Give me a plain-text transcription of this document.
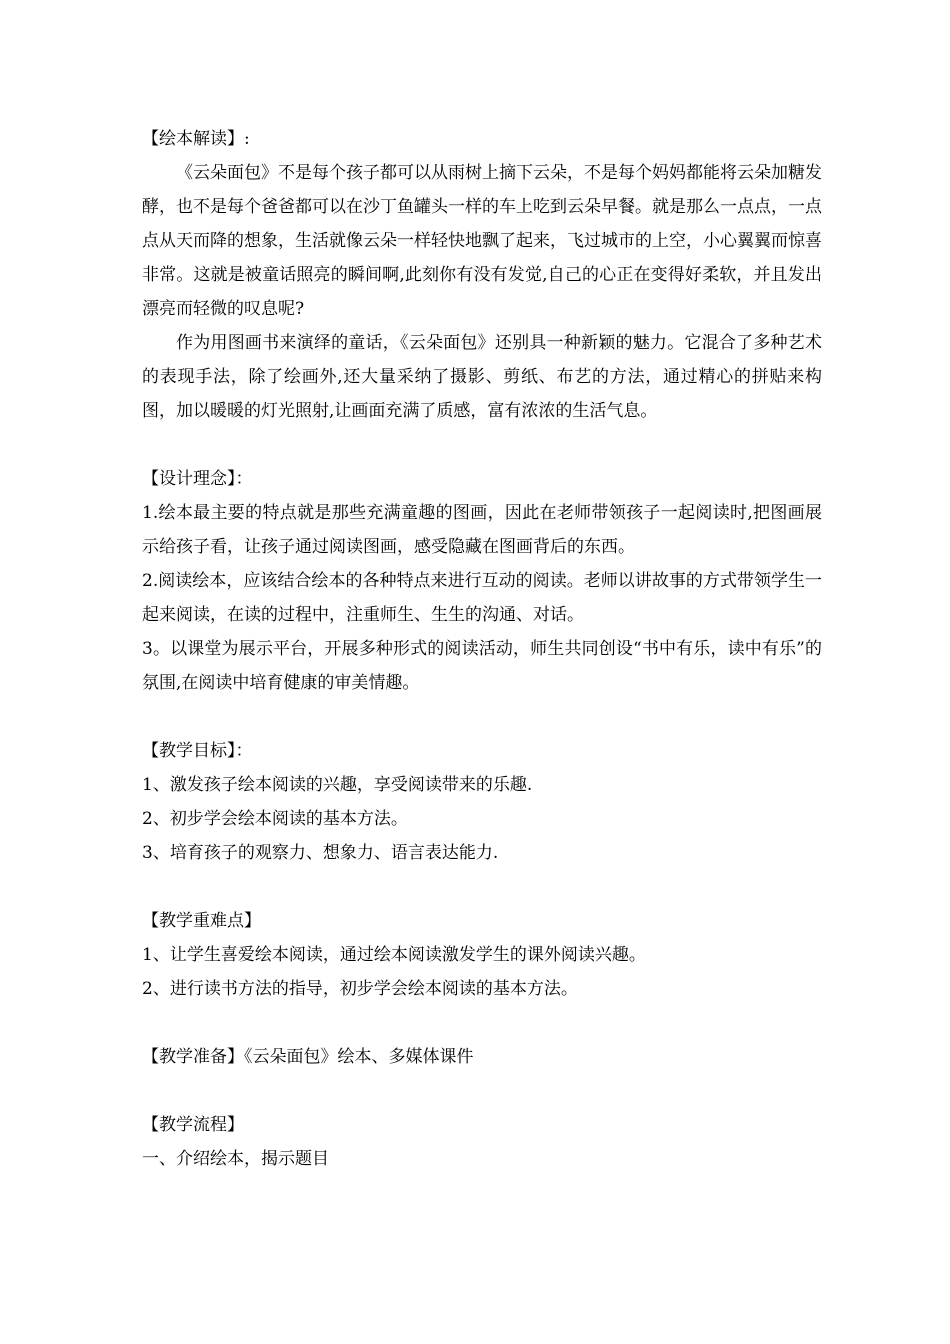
【绘本解读】:

《云朵面包》不是每个孩子都可以从雨树上摘下云朵，不是每个妈妈都能将云朵加糖发酵，也不是每个爸爸都可以在沙丁鱼罐头一样的车上吃到云朵早餐。就是那么一点点，一点点从天而降的想象，生活就像云朵一样轻快地飘了起来，飞过城市的上空，小心翼翼而惊喜非常。这就是被童话照亮的瞬间啊,此刻你有没有发觉,自己的心正在变得好柔软，并且发出漂亮而轻微的叹息呢?

作为用图画书来演绎的童话，《云朵面包》还别具一种新颖的魅力。它混合了多种艺术的表现手法，除了绘画外,还大量采纳了摄影、剪纸、布艺的方法，通过精心的拼贴来构图，加以暖暖的灯光照射,让画面充满了质感，富有浓浓的生活气息。

【设计理念】：

1.绘本最主要的特点就是那些充满童趣的图画，因此在老师带领孩子一起阅读时,把图画展示给孩子看，让孩子通过阅读图画，感受隐藏在图画背后的东西。

2.阅读绘本，应该结合绘本的各种特点来进行互动的阅读。老师以讲故事的方式带领学生一起来阅读，在读的过程中，注重师生、生生的沟通、对话。

3。以课堂为展示平台，开展多种形式的阅读活动，师生共同创设“书中有乐，读中有乐”的氛围,在阅读中培育健康的审美情趣。

【教学目标】：

1、激发孩子绘本阅读的兴趣，享受阅读带来的乐趣.

2、初步学会绘本阅读的基本方法。

3、培育孩子的观察力、想象力、语言表达能力.

【教学重难点】

1、让学生喜爱绘本阅读，通过绘本阅读激发学生的课外阅读兴趣。

2、进行读书方法的指导，初步学会绘本阅读的基本方法。

【教学准备】《云朵面包》绘本、多媒体课件

【教学流程】

一、介绍绘本，揭示题目
